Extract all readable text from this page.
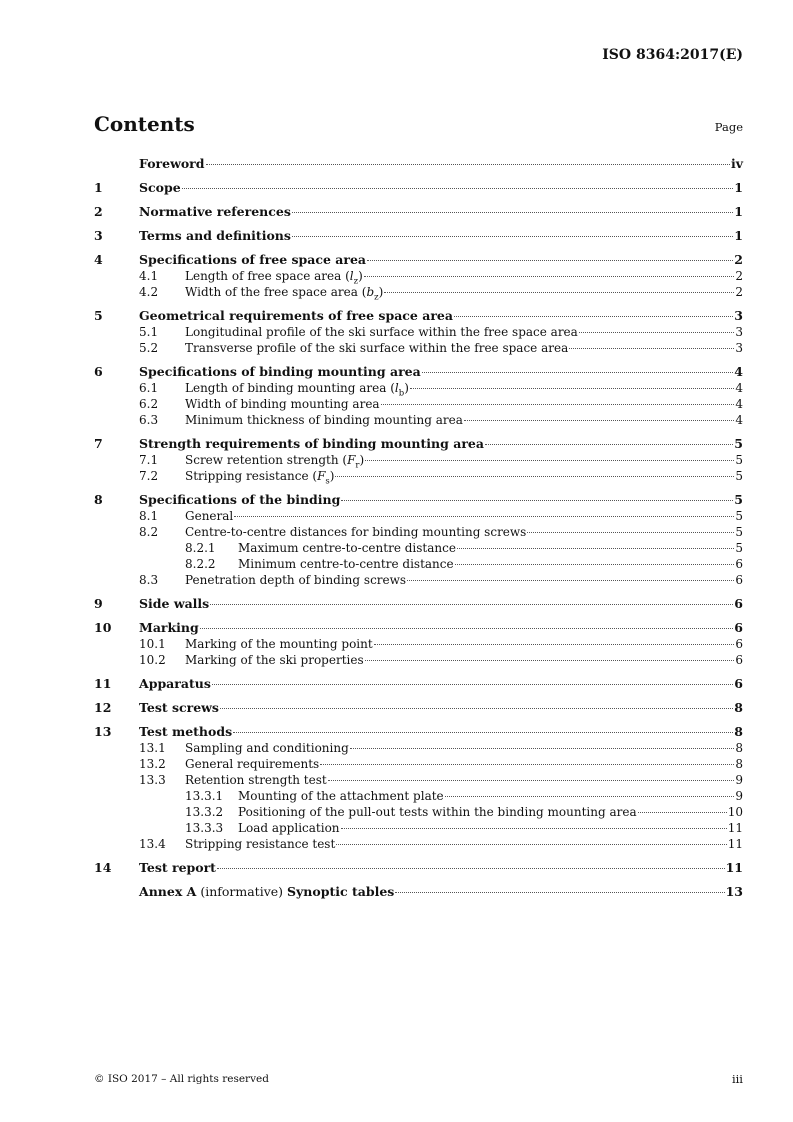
ISO 8364:2017(E)
Contents	Page
Foreword	iv
1	Scope	1
2	Normative references	1
3	Terms and definitions	1
4	Specifications of free space area	2
4.1	Length of free space area $(l_z)$	2
4.2	Width of the free space area $(b_z)$	2
5	Geometrical requirements of free space area	3
5.1	Longitudinal profile of the ski surface within the free space area	3
5.2	Transverse profile of the ski surface within the free space area	3
6	Specifications of binding mounting area	4
6.1	Length of binding mounting area $(l_b)$	4
6.2	Width of binding mounting area	4
6.3	Minimum thickness of binding mounting area	4
7	Strength requirements of binding mounting area	5
7.1	Screw retention strength $(F_r)$	5
7.2	Stripping resistance $(F_s)$	5
8	Specifications of the binding	5
8.1	General	5
8.2	Centre-to-centre distances for binding mounting screws	5
8.2.1	Maximum centre-to-centre distance	5
8.2.2	Minimum centre-to-centre distance	6
8.3	Penetration depth of binding screws	6
9	Side walls	6
10	Marking	6
10.1	Marking of the mounting point	6
10.2	Marking of the ski properties	6
11	Apparatus	6
12	Test screws	8
13	Test methods	8
13.1	Sampling and conditioning	8
13.2	General requirements	8
13.3	Retention strength test	9
13.3.1	Mounting of the attachment plate	9
13.3.2	Positioning of the pull-out tests within the binding mounting area	10
13.3.3	Load application	11
13.4	Stripping resistance test	11
14	Test report	11
Annex A (informative) Synoptic tables	13
© ISO 2017 – All rights reserved	iii
